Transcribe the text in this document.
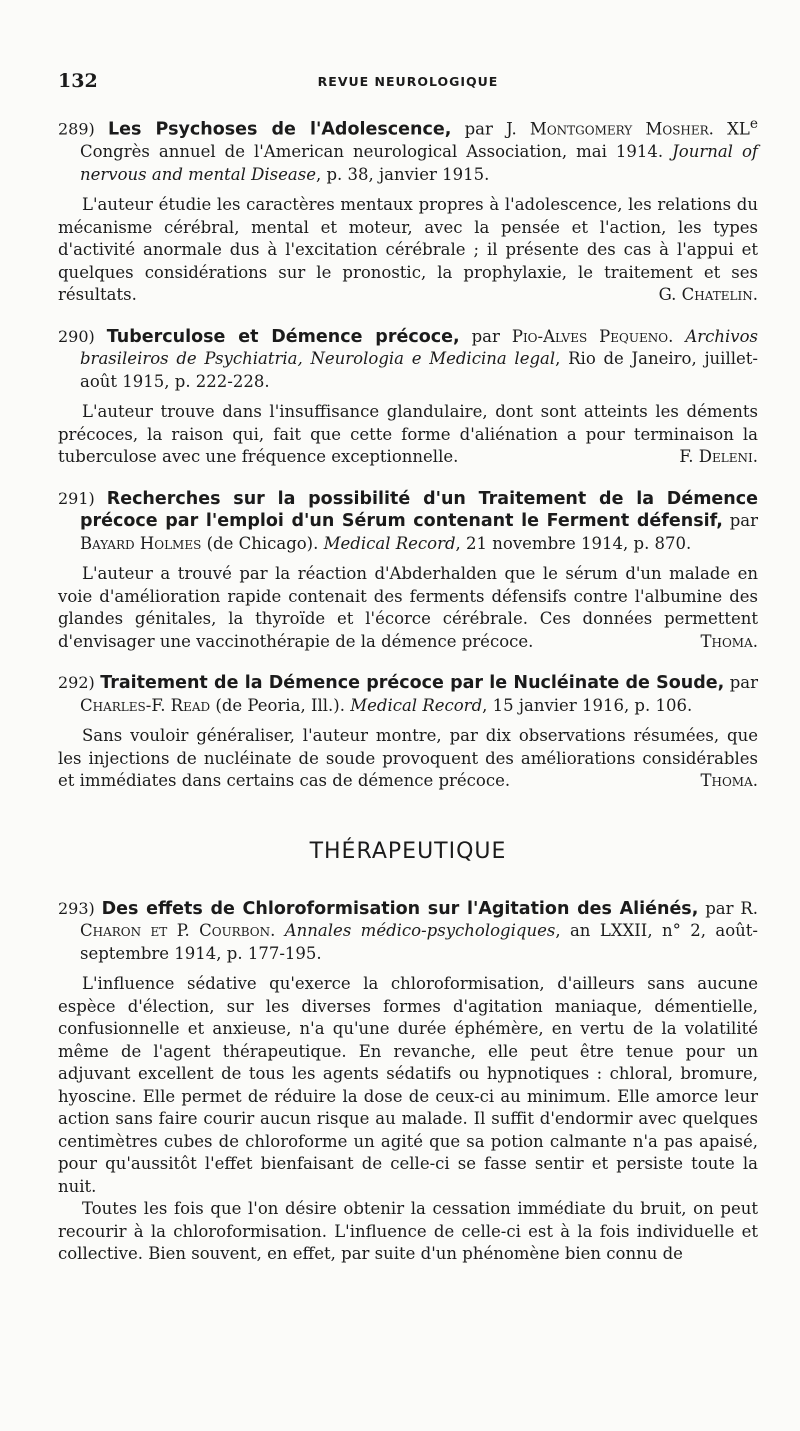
132	REVUE NEUROLOGIQUE

289) Les Psychoses de l'Adolescence, par J. Montgomery Mosher. XLe Congrès annuel de l'American neurological Association, mai 1914. Journal of nervous and mental Disease, p. 38, janvier 1915.

L'auteur étudie les caractères mentaux propres à l'adolescence, les relations du mécanisme cérébral, mental et moteur, avec la pensée et l'action, les types d'activité anormale dus à l'excitation cérébrale ; il présente des cas à l'appui et quelques considérations sur le pronostic, la prophylaxie, le traitement et ses résultats.	G. Chatelin.

290) Tuberculose et Démence précoce, par Pio-Alves Pequeno. Archivos brasileiros de Psychiatria, Neurologia e Medicina legal, Rio de Janeiro, juillet-août 1915, p. 222-228.

L'auteur trouve dans l'insuffisance glandulaire, dont sont atteints les déments précoces, la raison qui, fait que cette forme d'aliénation a pour terminaison la tuberculose avec une fréquence exceptionnelle.	F. Deleni.

291) Recherches sur la possibilité d'un Traitement de la Démence précoce par l'emploi d'un Sérum contenant le Ferment défensif, par Bayard Holmes (de Chicago). Medical Record, 21 novembre 1914, p. 870.

L'auteur a trouvé par la réaction d'Abderhalden que le sérum d'un malade en voie d'amélioration rapide contenait des ferments défensifs contre l'albumine des glandes génitales, la thyroïde et l'écorce cérébrale. Ces données permettent d'envisager une vaccinothérapie de la démence précoce.	Thoma.

292) Traitement de la Démence précoce par le Nucléinate de Soude, par Charles-F. Read (de Peoria, Ill.). Medical Record, 15 janvier 1916, p. 106.

Sans vouloir généraliser, l'auteur montre, par dix observations résumées, que les injections de nucléinate de soude provoquent des améliorations considérables et immédiates dans certains cas de démence précoce.	Thoma.

THÉRAPEUTIQUE

293) Des effets de Chloroformisation sur l'Agitation des Aliénés, par R. Charon et P. Courbon. Annales médico-psychologiques, an LXXII, n° 2, août-septembre 1914, p. 177-195.

L'influence sédative qu'exerce la chloroformisation, d'ailleurs sans aucune espèce d'élection, sur les diverses formes d'agitation maniaque, démentielle, confusionnelle et anxieuse, n'a qu'une durée éphémère, en vertu de la volatilité même de l'agent thérapeutique. En revanche, elle peut être tenue pour un adjuvant excellent de tous les agents sédatifs ou hypnotiques : chloral, bromure, hyoscine. Elle permet de réduire la dose de ceux-ci au minimum. Elle amorce leur action sans faire courir aucun risque au malade. Il suffit d'endormir avec quelques centimètres cubes de chloroforme un agité que sa potion calmante n'a pas apaisé, pour qu'aussitôt l'effet bienfaisant de celle-ci se fasse sentir et persiste toute la nuit.

Toutes les fois que l'on désire obtenir la cessation immédiate du bruit, on peut recourir à la chloroformisation. L'influence de celle-ci est à la fois individuelle et collective. Bien souvent, en effet, par suite d'un phénomène bien connu de
